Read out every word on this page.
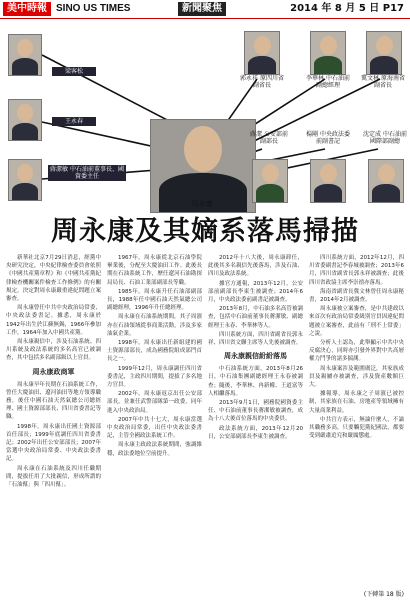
美中時報 SINO US TIMES	新聞聚焦	2014 年 8 月 5 日 P17
梁客松
王永春
蔣潔敏 中石油前董事長、國資委主任
周永康
郭永祥 原四川省副省長
李華林 中石油前副總經理
冀文林 原海南省副省長
蔣潔 公安部前副部長
楊剛 中央政法委前副書記
沈定成 中石油前國際部副總
周永康及其嫡系落馬掃描

新華社北京7月29日消息，經黨中央研究決定，中央紀律檢查委員會依照《中國共產黨章程》和《中國共產黨紀律檢查機關案件檢查工作條例》的有關規定，決定對周永康嚴重違紀問題立案審查。

周永康曾任中共中央政治局常委、中央政法委書記。據悉，周永康於1942年出生於江蘇無錫，1966年參加工作，1964年加入中國共產黨。

周永康親信中，涉及石油系統、四川系統及政法系統的多名高官已被調查，其中包括多名副部級以上官員。

周永康政商軍

周永康早年長期在石油系統工作，曾任大慶油田、遼河油田等地方領導職務，後任中國石油天然氣總公司總經理、國土資源部部長、四川省委書記等職。

1998年，周永康出任國土資源部首任部長；1999年底調任四川省委書記；2002年出任公安部部長；2007年當選中央政治局常委、中央政法委書記。

周永康在石油系統及四川任職期間，提拔任用了大批親信，形成所謂的「石油幫」與「四川幫」。

1967年，周永康從北京石油學院畢業後，分配至大慶油田工作。此後長期在石油系統工作，歷任遼河石油勘探局局長、石油工業部副部長等職。

1985年，周永康升任石油部副部長，1988年任中國石油天然氣總公司副總經理，1996年升任總經理。

周永康在石油系統期間，其子周濱亦在石油領域從事商業活動，涉及多家油氣企業。

1998年，周永康出任新組建的國土資源部部長，成為國務院組成部門首長之一。

1999年12月，周永康調任四川省委書記，主政四川期間，提拔了多名地方官員。

2002年，周永康返京出任公安部部長，並兼任武警部隊第一政委，同年進入中央政治局。

2007年中共十七大，周永康當選中央政治局常委，出任中央政法委書記，主管全國政法系統工作。

周永康主政政法系統期間，強調維穩，政法委地位空前提升。

2012年十八大後，周永康卸任，此後其多名親信先後落馬，涉及石油、四川及政法系統。

據官方通報，2013年12月，公安部前副部長李東生被調查；2014年6月，中央政法委前副書記被調查。

2013年8月，中石油多名高管被調查，包括中石油前董事長蔣潔敏、副總經理王永春、李華林等人。

四川系統方面，四川省副省長郭永祥、四川省文聯主席等人先後被調查。

周永康親信紛紛落馬

中石油系統方面，2013年8月26日，中石油集團副總經理王永春被調查；隨後，李華林、冉新權、王道富等人相繼落馬。

2013年9月1日，國務院國資委主任、中石油前董事長蔣潔敏被調查，成為十八大後首位落馬的中央委員。

政法系統方面，2013年12月20日，公安部副部長李東生被調查。

四川系統方面，2012年12月，四川省委副書記李春城被調查；2013年6月，四川省副省長郭永祥被調查；此後四川省政協主席李崇禧亦落馬。

海南省副省長冀文林曾任周永康秘書，2014年2月被調查。

周永康被立案審查，是中共建政以來首次有政治局常委級別官員因違紀問題被立案審查，此前有「刑不上常委」之說。

分析人士認為，此舉顯示中共中央反腐決心，同時亦引發外界對中共高層權力鬥爭的諸多揣測。

周永康案涉及範圍廣泛，其家族成員及親屬亦被調查，涉及資產數額巨大。

據報導，周永康之子周濱已被控制，其家族在石油、房地產等領域擁有大量商業利益。

中共官方表示，無論什麼人，不論其職務多高，只要觸犯黨紀國法，都要受到嚴肅追究和嚴厲懲處。

(下轉第 18 版)
